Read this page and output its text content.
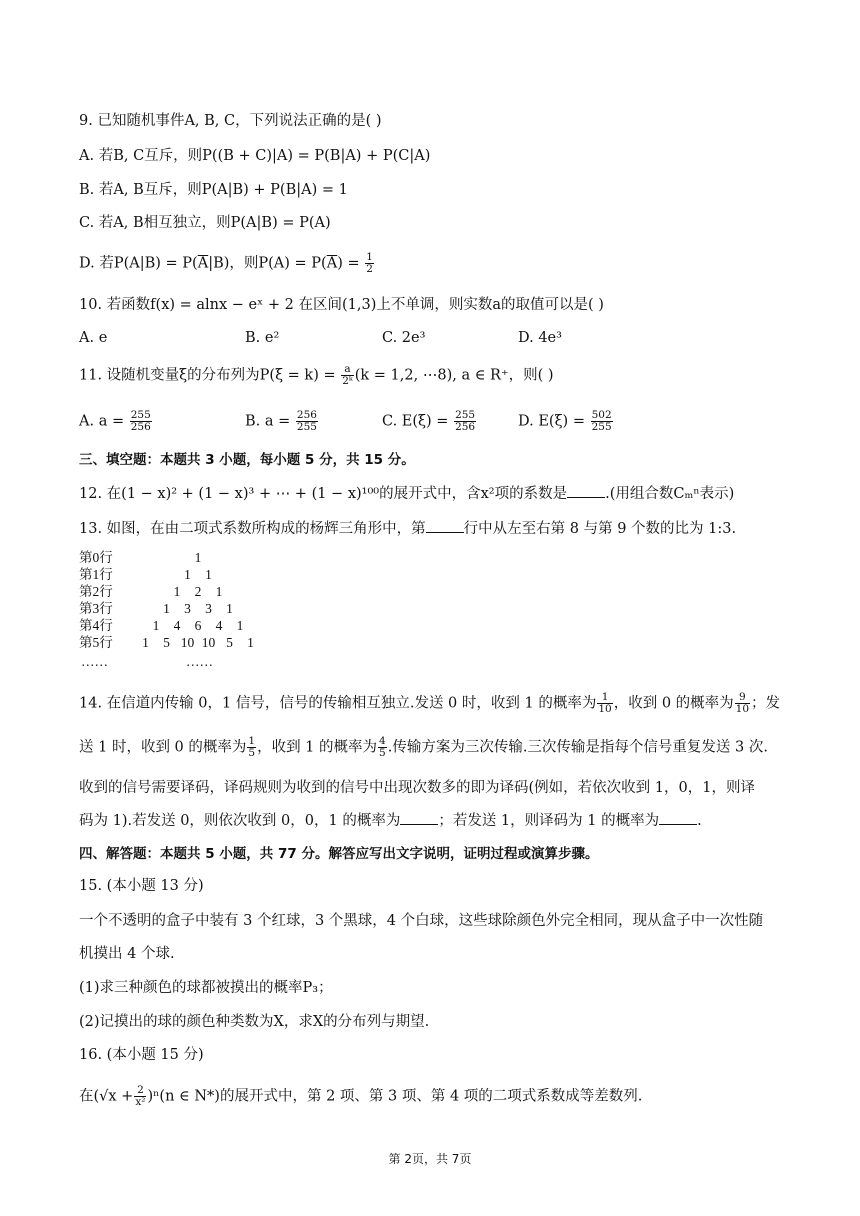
9. 已知随机事件A, B, C，下列说法正确的是( )
A. 若B, C互斥，则P((B + C)|A) = P(B|A) + P(C|A)
B. 若A, B互斥，则P(A|B) + P(B|A) = 1
C. 若A, B相互独立，则P(A|B) = P(A)
D. 若$P(A|B) = P(\overline{A}|B)$，则$P(A) = P(\overline{A}) = \frac{1}{2}$
10. 若函数f(x) = alnx − eˣ + 2 在区间(1,3)上不单调，则实数a的取值可以是( )
A. e	B. e²	C. 2e³	D. 4e³
11. 设随机变量ξ的分布列为$P(\xi = k) = \frac{a}{\text{2ᵏ}} (k = 1,2$, ⋯8), a ∈ R⁺，则( )
A. $a = \frac{255}{256}$	B. $a = \frac{256}{255}$	C. $E(\xi) = \frac{255}{256}$	D. $E(\xi) = \frac{502}{255}$
三、填空题：本题共 3 小题，每小题 5 分，共 15 分。
12. 在(1 − x)² + (1 − x)³ + ⋯ + (1 − x)¹⁰⁰的展开式中，含x²项的系数是	.(用组合数Cₘⁿ表示)
13. 如图，在由二项式系数所构成的杨辉三角形中，第	行中从左至右第 8 与第 9 个数的比为 1:3.
第0行	1
第1行	1	1
第2行	1	2	1
第3行	1	3	3	1
第4行	1	4	6	4	1
第5行	1	5 10 10 5	1
……	……
14. 在信道内传输 0，1 信号，信号的传输相互独立.发送 0 时，收到 1 的概率为 $\frac{1}{10}$ ，收到 0 的概率为 $\frac{9}{10}$ ；发
送 1 时，收到 0 的概率为 $\frac{1}{5}$ ，收到 1 的概率为 $\frac{4}{5}$ .传输方案为三次传输.三次传输是指每个信号重复发送 3 次.
收到的信号需要译码，译码规则为收到的信号中出现次数多的即为译码(例如，若依次收到 1，0，1，则译
码为 1).若发送 0，则依次收到 0，0，1 的概率为	；若发送 1，则译码为 1 的概率为	.
四、解答题：本题共 5 小题，共 77 分。解答应写出文字说明，证明过程或演算步骤。
15. (本小题 13 分)
一个不透明的盒子中装有 3 个红球，3 个黑球，4 个白球，这些球除颜色外完全相同，现从盒子中一次性随
机摸出 4 个球.
(1)求三种颜色的球都被摸出的概率P₃；
(2)记摸出的球的颜色种类数为X，求X的分布列与期望.
16. (本小题 15 分)
在$(√x + \frac{2}{\text{x²}} )^n(n$ ∈ N*)的展开式中，第 2 项、第 3 项、第 4 项的二项式系数成等差数列.
第 2页，共 7页
